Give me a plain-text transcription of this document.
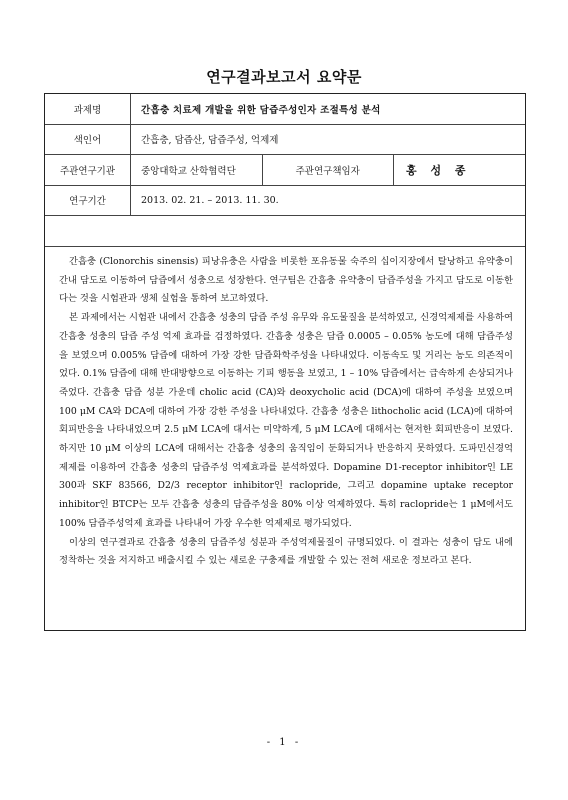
연구결과보고서 요약문
과제명	간흡충 치료제 개발을 위한 담즙주성인자 조절특성 분석		
색인어	간흡충, 담즙산, 담즙주성, 억제제		
주관연구기관	중앙대학교 산학협력단	주관연구책임자	홍 성 종
연구기간	2013. 02. 21. – 2013. 11. 30.		

간흡충 (Clonorchis sinensis) 피낭유충은 사람을 비롯한 포유동물 숙주의 십이지장에서 탈낭하고 유약충이 간내 담도로 이동하여 담즙에서 성충으로 성장한다. 연구팀은 간흡충 유약충이 담즙주성을 가지고 담도로 이동한다는 것을 시험관과 생체 실험을 통하여 보고하였다.

본 과제에서는 시험관 내에서 간흡충 성충의 담즙 주성 유무와 유도물질을 분석하였고, 신경억제제를 사용하여 간흡충 성충의 담즙 주성 억제 효과를 검정하였다. 간흡충 성충은 담즙 0.0005 – 0.05% 농도에 대해 담즙주성을 보였으며 0.005% 담즙에 대하여 가장 강한 담즙화학주성을 나타내었다. 이동속도 및 거리는 농도 의존적이었다. 0.1% 담즙에 대해 반대방향으로 이동하는 기피 행동을 보였고, 1 – 10% 담즙에서는 급속하게 손상되거나 죽었다. 간흡충 담즙 성분 가운데 cholic acid (CA)와 deoxycholic acid (DCA)에 대하여 주성을 보였으며 100 μM CA와 DCA에 대하여 가장 강한 주성을 나타내었다. 간흡충 성충은 lithocholic acid (LCA)에 대하여 회피반응을 나타내었으며 2.5 μM LCA에 대서는 미약하게, 5 μM LCA에 대해서는 현저한 회피반응이 보였다. 하지만 10 μM 이상의 LCA에 대해서는 간흡충 성충의 움직임이 둔화되거나 반응하지 못하였다. 도파민신경억제제를 이용하여 간흡충 성충의 담즙주성 억제효과를 분석하였다. Dopamine D1-receptor inhibitor인 LE 300과 SKF 83566, D2/3 receptor inhibitor인 raclopride, 그리고 dopamine uptake receptor inhibitor인 BTCP는 모두 간흡충 성충의 담즙주성을 80% 이상 억제하였다. 특히 raclopride는 1 μM에서도 100% 담즙주성억제 효과를 나타내어 가장 우수한 억제제로 평가되었다.

이상의 연구결과로 간흡충 성충의 담즙주성 성분과 주성억제물질이 규명되었다. 이 결과는 성충이 담도 내에 정착하는 것을 저지하고 배출시킬 수 있는 새로운 구충제를 개발할 수 있는 전혀 새로운 정보라고 본다.

- 1 -
